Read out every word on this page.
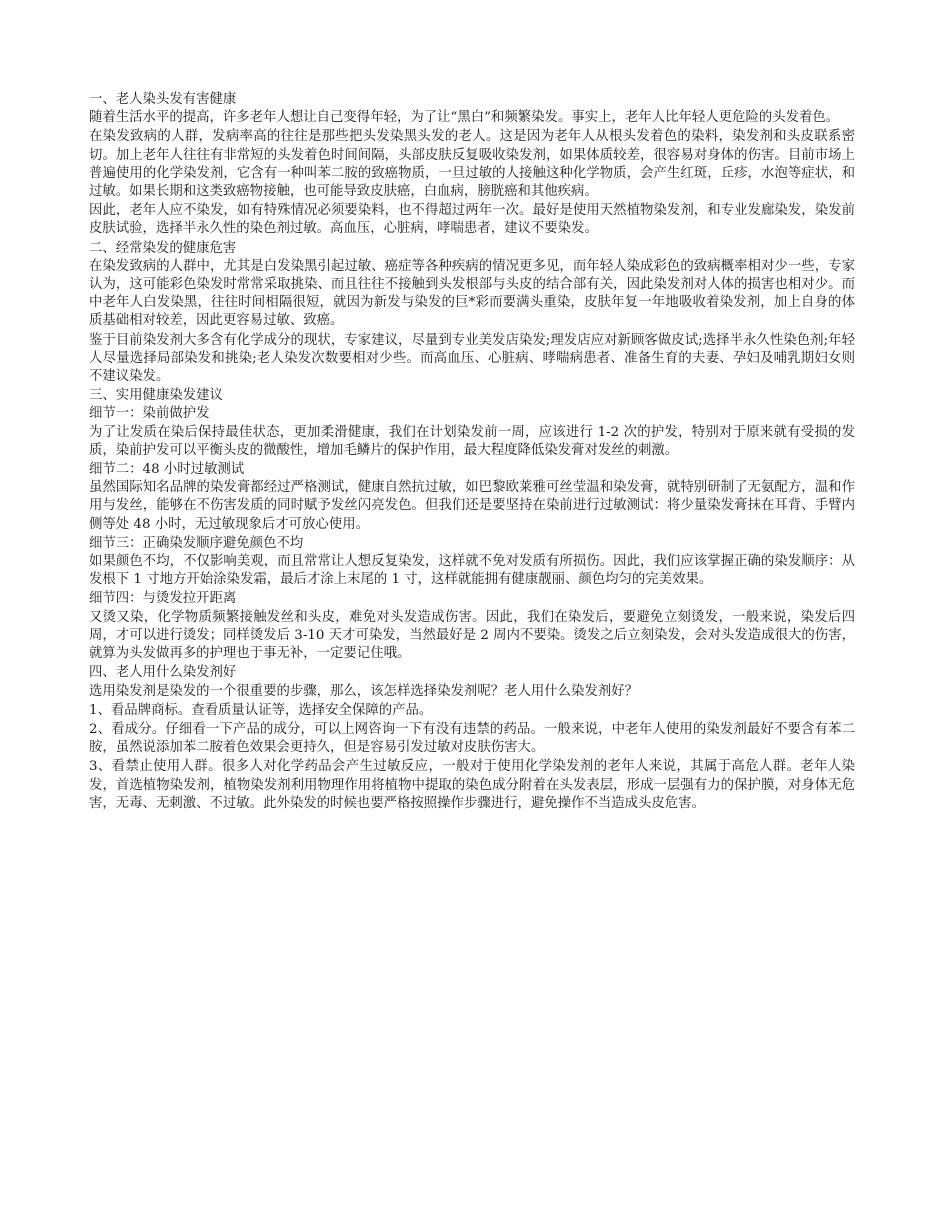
一、老人染头发有害健康

随着生活水平的提高，许多老年人想让自己变得年轻，为了让“黑白”和频繁染发。事实上，老年人比年轻人更危险的头发着色。

在染发致病的人群，发病率高的往往是那些把头发染黑头发的老人。这是因为老年人从根头发着色的染料，染发剂和头皮联系密切。加上老年人往往有非常短的头发着色时间间隔，头部皮肤反复吸收染发剂，如果体质较差，很容易对身体的伤害。目前市场上普遍使用的化学染发剂，它含有一种叫苯二胺的致癌物质，一旦过敏的人接触这种化学物质，会产生红斑，丘疹，水泡等症状，和过敏。如果长期和这类致癌物接触，也可能导致皮肤癌，白血病，膀胱癌和其他疾病。

因此，老年人应不染发，如有特殊情况必须要染料，也不得超过两年一次。最好是使用天然植物染发剂，和专业发廊染发，染发前皮肤试验，选择半永久性的染色剂过敏。高血压，心脏病，哮喘患者，建议不要染发。

二、经常染发的健康危害

在染发致病的人群中，尤其是白发染黑引起过敏、癌症等各种疾病的情况更多见，而年轻人染成彩色的致病概率相对少一些，专家认为，这可能彩色染发时常常采取挑染、而且往往不接触到头发根部与头皮的结合部有关，因此染发剂对人体的损害也相对少。而中老年人白发染黑，往往时间相隔很短，就因为新发与染发的巨*彩而要满头重染，皮肤年复一年地吸收着染发剂，加上自身的体质基础相对较差，因此更容易过敏、致癌。

鉴于目前染发剂大多含有化学成分的现状，专家建议，尽量到专业美发店染发;理发店应对新顾客做皮试;选择半永久性染色剂;年轻人尽量选择局部染发和挑染;老人染发次数要相对少些。而高血压、心脏病、哮喘病患者、准备生育的夫妻、孕妇及哺乳期妇女则不建议染发。

三、实用健康染发建议
细节一：染前做护发

为了让发质在染后保持最佳状态，更加柔滑健康，我们在计划染发前一周，应该进行 1-2 次的护发，特别对于原来就有受损的发质，染前护发可以平衡头皮的微酸性，增加毛鳞片的保护作用，最大程度降低染发膏对发丝的刺激。

细节二：48 小时过敏测试

虽然国际知名品牌的染发膏都经过严格测试，健康自然抗过敏，如巴黎欧莱雅可丝莹温和染发膏，就特别研制了无氨配方，温和作用与发丝，能够在不伤害发质的同时赋予发丝闪亮发色。但我们还是要坚持在染前进行过敏测试：将少量染发膏抹在耳背、手臂内侧等处 48 小时，无过敏现象后才可放心使用。

细节三：正确染发顺序避免颜色不均

如果颜色不均，不仅影响美观，而且常常让人想反复染发，这样就不免对发质有所损伤。因此，我们应该掌握正确的染发顺序：从发根下 1 寸地方开始涂染发霜，最后才涂上末尾的 1 寸，这样就能拥有健康靓丽、颜色均匀的完美效果。

细节四：与烫发拉开距离

又烫又染，化学物质频繁接触发丝和头皮，难免对头发造成伤害。因此，我们在染发后，要避免立刻烫发，一般来说，染发后四周，才可以进行烫发；同样烫发后 3-10 天才可染发，当然最好是 2 周内不要染。烫发之后立刻染发，会对头发造成很大的伤害，就算为头发做再多的护理也于事无补，一定要记住哦。

四、老人用什么染发剂好

选用染发剂是染发的一个很重要的步骤，那么，该怎样选择染发剂呢？老人用什么染发剂好？

1、看品牌商标。查看质量认证等，选择安全保障的产品。

2、看成分。仔细看一下产品的成分，可以上网咨询一下有没有违禁的药品。一般来说，中老年人使用的染发剂最好不要含有苯二胺，虽然说添加苯二胺着色效果会更持久，但是容易引发过敏对皮肤伤害大。

3、看禁止使用人群。很多人对化学药品会产生过敏反应，一般对于使用化学染发剂的老年人来说，其属于高危人群。老年人染发，首选植物染发剂，植物染发剂利用物理作用将植物中提取的染色成分附着在头发表层，形成一层强有力的保护膜，对身体无危害，无毒、无刺激、不过敏。此外染发的时候也要严格按照操作步骤进行，避免操作不当造成头皮危害。
